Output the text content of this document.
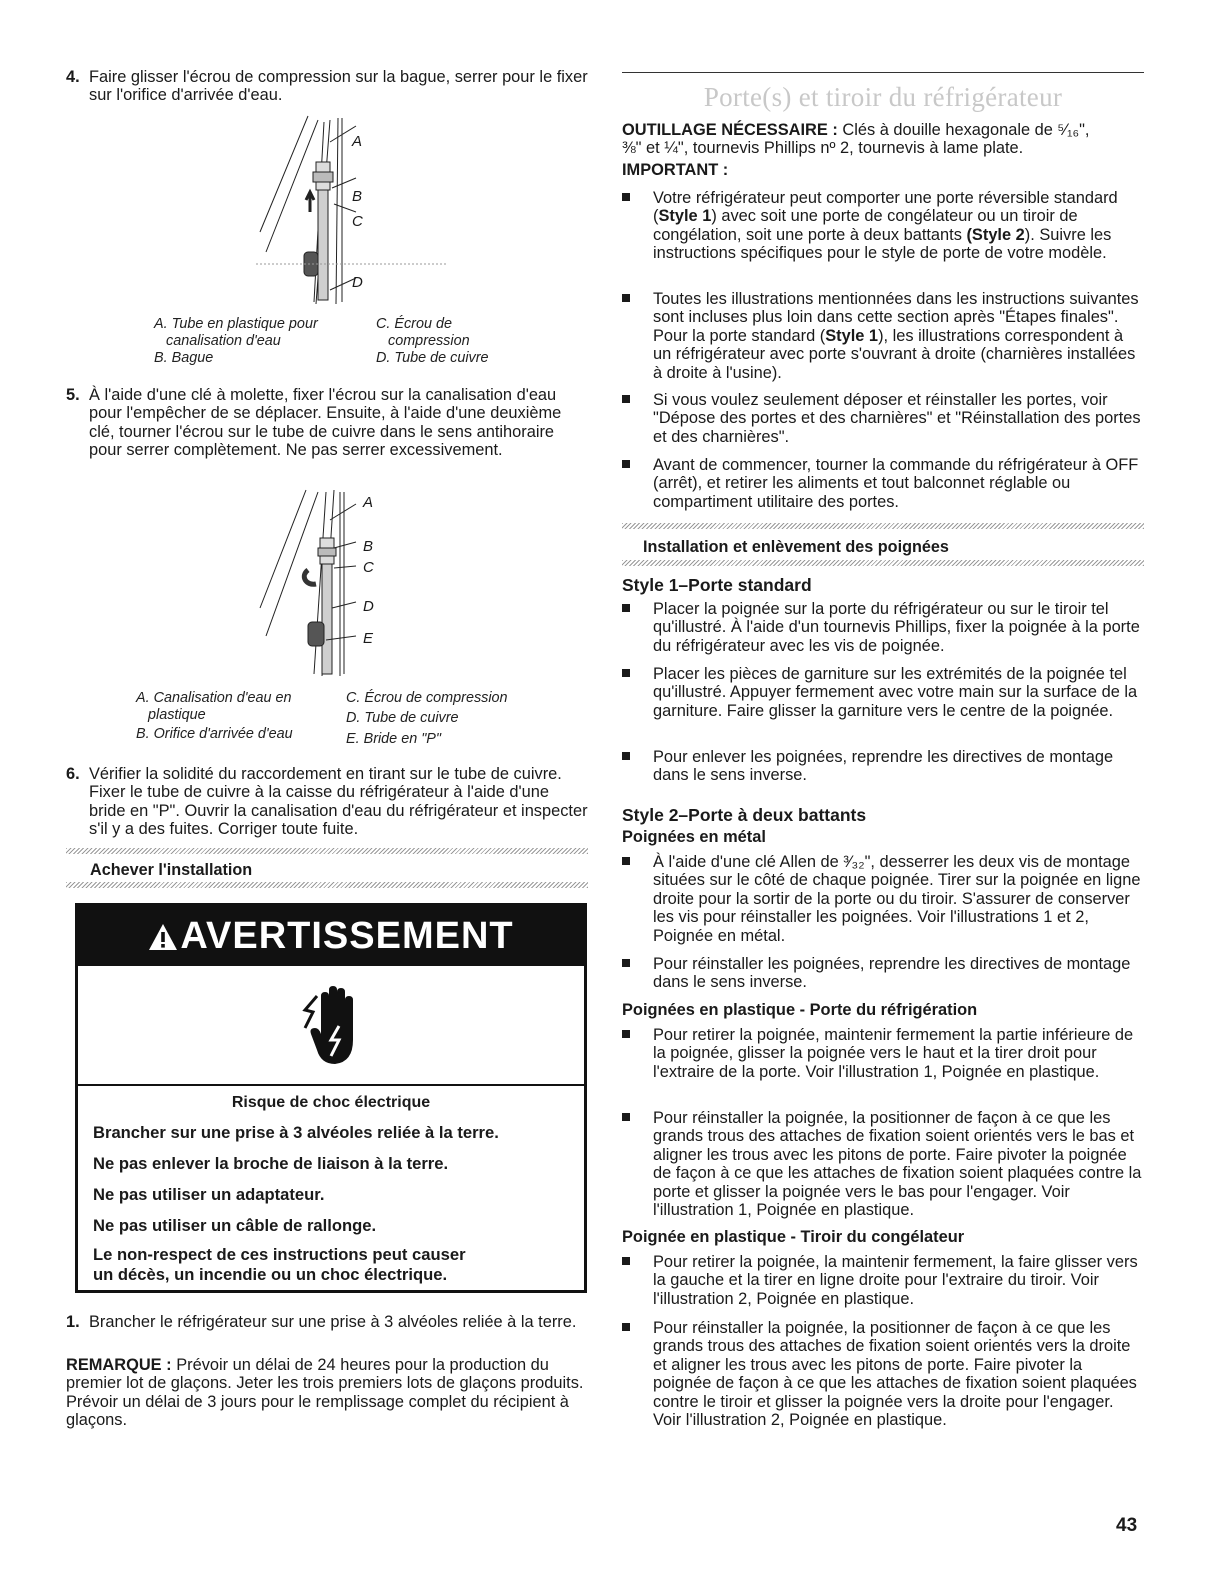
4. Faire glisser l'écrou de compression sur la bague, serrer pour le fixer sur l'orifice d'arrivée d'eau.
A
B
C
D
A. Tube en plastique pour

canalisation d'eau
B. Bague
C. Écrou de

compression
D. Tube de cuivre
5. À l'aide d'une clé à molette, fixer l'écrou sur la canalisation d'eau pour l'empêcher de se déplacer. Ensuite, à l'aide d'une deuxième clé, tourner l'écrou sur le tube de cuivre dans le sens antihoraire pour serrer complètement. Ne pas serrer excessivement.
A
B
C
D
E
A. Canalisation d'eau en

plastique
B. Orifice d'arrivée d'eau
C. Écrou de compression
D. Tube de cuivre
E. Bride en "P"
6. Vérifier la solidité du raccordement en tirant sur le tube de cuivre. Fixer le tube de cuivre à la caisse du réfrigérateur à l'aide d'une bride en "P". Ouvrir la canalisation d'eau du réfrigérateur et inspecter s'il y a des fuites. Corriger toute fuite.
Achever l'installation
AVERTISSEMENT
Risque de choc électrique
Brancher sur une prise à 3 alvéoles reliée à la terre.
Ne pas enlever la broche de liaison à la terre.
Ne pas utiliser un adaptateur.
Ne pas utiliser un câble de rallonge.
Le non-respect de ces instructions peut causer
un décès, un incendie ou un choc électrique.
1. Brancher le réfrigérateur sur une prise à 3 alvéoles reliée à la terre.
REMARQUE : Prévoir un délai de 24 heures pour la production du premier lot de glaçons. Jeter les trois premiers lots de glaçons produits. Prévoir un délai de 3 jours pour le remplissage complet du récipient à glaçons.
Porte(s) et tiroir du réfrigérateur
OUTILLAGE NÉCESSAIRE : Clés à douille hexagonale de ⁵⁄₁₆",
⅜" et ¼", tournevis Phillips nº 2, tournevis à lame plate.
IMPORTANT :
Votre réfrigérateur peut comporter une porte réversible standard (Style 1) avec soit une porte de congélateur ou un tiroir de congélation, soit une porte à deux battants (Style 2). Suivre les instructions spécifiques pour le style de porte de votre modèle.
Toutes les illustrations mentionnées dans les instructions suivantes sont incluses plus loin dans cette section après "Étapes finales". Pour la porte standard (Style 1), les illustrations correspondent à un réfrigérateur avec porte s'ouvrant à droite (charnières installées à droite à l'usine).
Si vous voulez seulement déposer et réinstaller les portes, voir "Dépose des portes et des charnières" et "Réinstallation des portes et des charnières".
Avant de commencer, tourner la commande du réfrigérateur à OFF (arrêt), et retirer les aliments et tout balconnet réglable ou compartiment utilitaire des portes.
Installation et enlèvement des poignées
Style 1–Porte standard
Placer la poignée sur la porte du réfrigérateur ou sur le tiroir tel qu'illustré. À l'aide d'un tournevis Phillips, fixer la poignée à la porte du réfrigérateur avec les vis de poignée.
Placer les pièces de garniture sur les extrémités de la poignée tel qu'illustré. Appuyer fermement avec votre main sur la surface de la garniture. Faire glisser la garniture vers le centre de la poignée.
Pour enlever les poignées, reprendre les directives de montage dans le sens inverse.
Style 2–Porte à deux battants
Poignées en métal
À l'aide d'une clé Allen de ³⁄₃₂", desserrer les deux vis de montage situées sur le côté de chaque poignée. Tirer sur la poignée en ligne droite pour la sortir de la porte ou du tiroir. S'assurer de conserver les vis pour réinstaller les poignées. Voir l'illustrations 1 et 2, Poignée en métal.
Pour réinstaller les poignées, reprendre les directives de montage dans le sens inverse.
Poignées en plastique - Porte du réfrigération
Pour retirer la poignée, maintenir fermement la partie inférieure de la poignée, glisser la poignée vers le haut et la tirer droit pour l'extraire de la porte. Voir l'illustration 1, Poignée en plastique.
Pour réinstaller la poignée, la positionner de façon à ce que les grands trous des attaches de fixation soient orientés vers le bas et aligner les trous avec les pitons de porte. Faire pivoter la poignée de façon à ce que les attaches de fixation soient plaquées contre la porte et glisser la poignée vers le bas pour l'engager. Voir l'illustration 1, Poignée en plastique.
Poignée en plastique - Tiroir du congélateur
Pour retirer la poignée, la maintenir fermement, la faire glisser vers la gauche et la tirer en ligne droite pour l'extraire du tiroir. Voir l'illustration 2, Poignée en plastique.
Pour réinstaller la poignée, la positionner de façon à ce que les grands trous des attaches de fixation soient orientés vers la droite et aligner les trous avec les pitons de porte. Faire pivoter la poignée de façon à ce que les attaches de fixation soient plaquées contre le tiroir et glisser la poignée vers la droite pour l'engager. Voir l'illustration 2, Poignée en plastique.
43
